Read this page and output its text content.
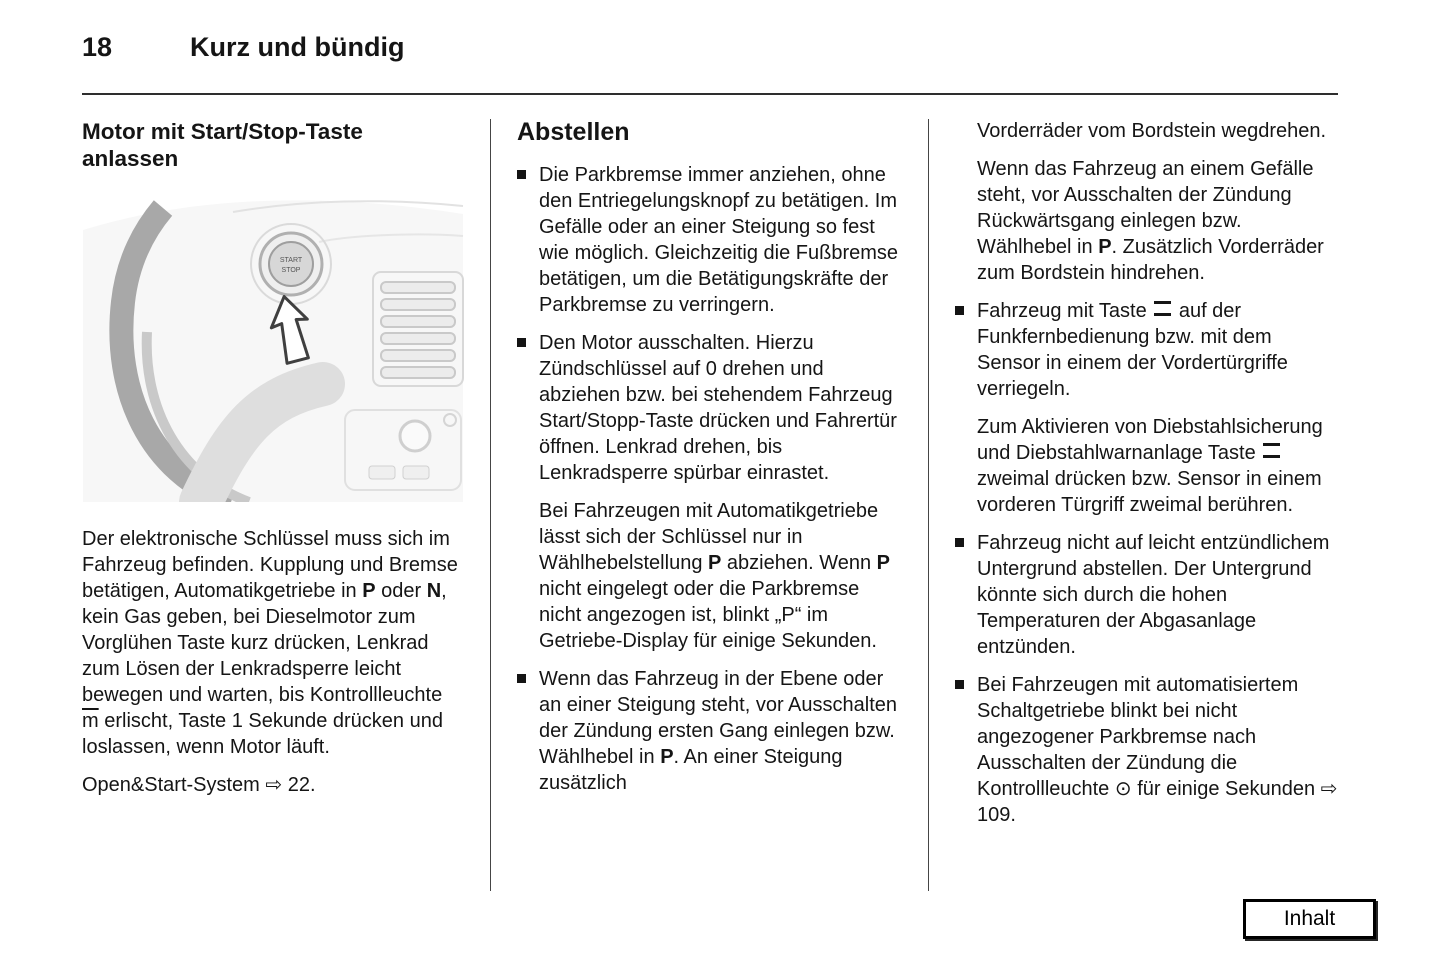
18	Kurz und bündig
Motor mit Start/Stop-Taste anlassen
START
STOP
Der elektronische Schlüssel muss sich im Fahrzeug befinden. Kupplung und Bremse betätigen, Automatikgetriebe in P oder N, kein Gas geben, bei Dieselmotor zum Vorglühen Taste kurz drücken, Lenkrad zum Lösen der Lenkradsperre leicht bewegen und warten, bis Kontrollleuchte $\overline{m}$ erlischt, Taste 1 Sekunde drücken und loslassen, wenn Motor läuft.
Open&Start-System ⇨ 22.
Abstellen
Die Parkbremse immer anziehen, ohne den Entriegelungsknopf zu betätigen. Im Gefälle oder an einer Steigung so fest wie möglich. Gleichzeitig die Fußbremse betätigen, um die Betätigungskräfte der Parkbremse zu verringern.
Den Motor ausschalten. Hierzu Zündschlüssel auf 0 drehen und abziehen bzw. bei stehendem Fahrzeug Start/Stopp-Taste drücken und Fahrertür öffnen. Lenkrad drehen, bis Lenkradsperre spürbar einrastet.
Bei Fahrzeugen mit Automatikgetriebe lässt sich der Schlüssel nur in Wählhebelstellung P abziehen. Wenn P nicht eingelegt oder die Parkbremse nicht angezogen ist, blinkt „P“ im Getriebe-Display für einige Sekunden.
Wenn das Fahrzeug in der Ebene oder an einer Steigung steht, vor Ausschalten der Zündung ersten Gang einlegen bzw. Wählhebel in P. An einer Steigung zusätzlich
Vorderräder vom Bordstein wegdrehen.
Wenn das Fahrzeug an einem Gefälle steht, vor Ausschalten der Zündung Rückwärtsgang einlegen bzw. Wählhebel in P. Zusätzlich Vorderräder zum Bordstein hindrehen.
Fahrzeug mit Taste  auf der Funkfernbedienung bzw. mit dem Sensor in einem der Vordertürgriffe verriegeln.
Zum Aktivieren von Diebstahlsicherung und Diebstahlwarnanlage Taste  zweimal drücken bzw. Sensor in einem vorderen Türgriff zweimal berühren.
Fahrzeug nicht auf leicht entzündlichem Untergrund abstellen. Der Untergrund könnte sich durch die hohen Temperaturen der Abgasanlage entzünden.
Bei Fahrzeugen mit automatisiertem Schaltgetriebe blinkt bei nicht angezogener Parkbremse nach Ausschalten der Zündung die Kontrollleuchte ⊙ für einige Sekunden ⇨ 109.
Inhalt
